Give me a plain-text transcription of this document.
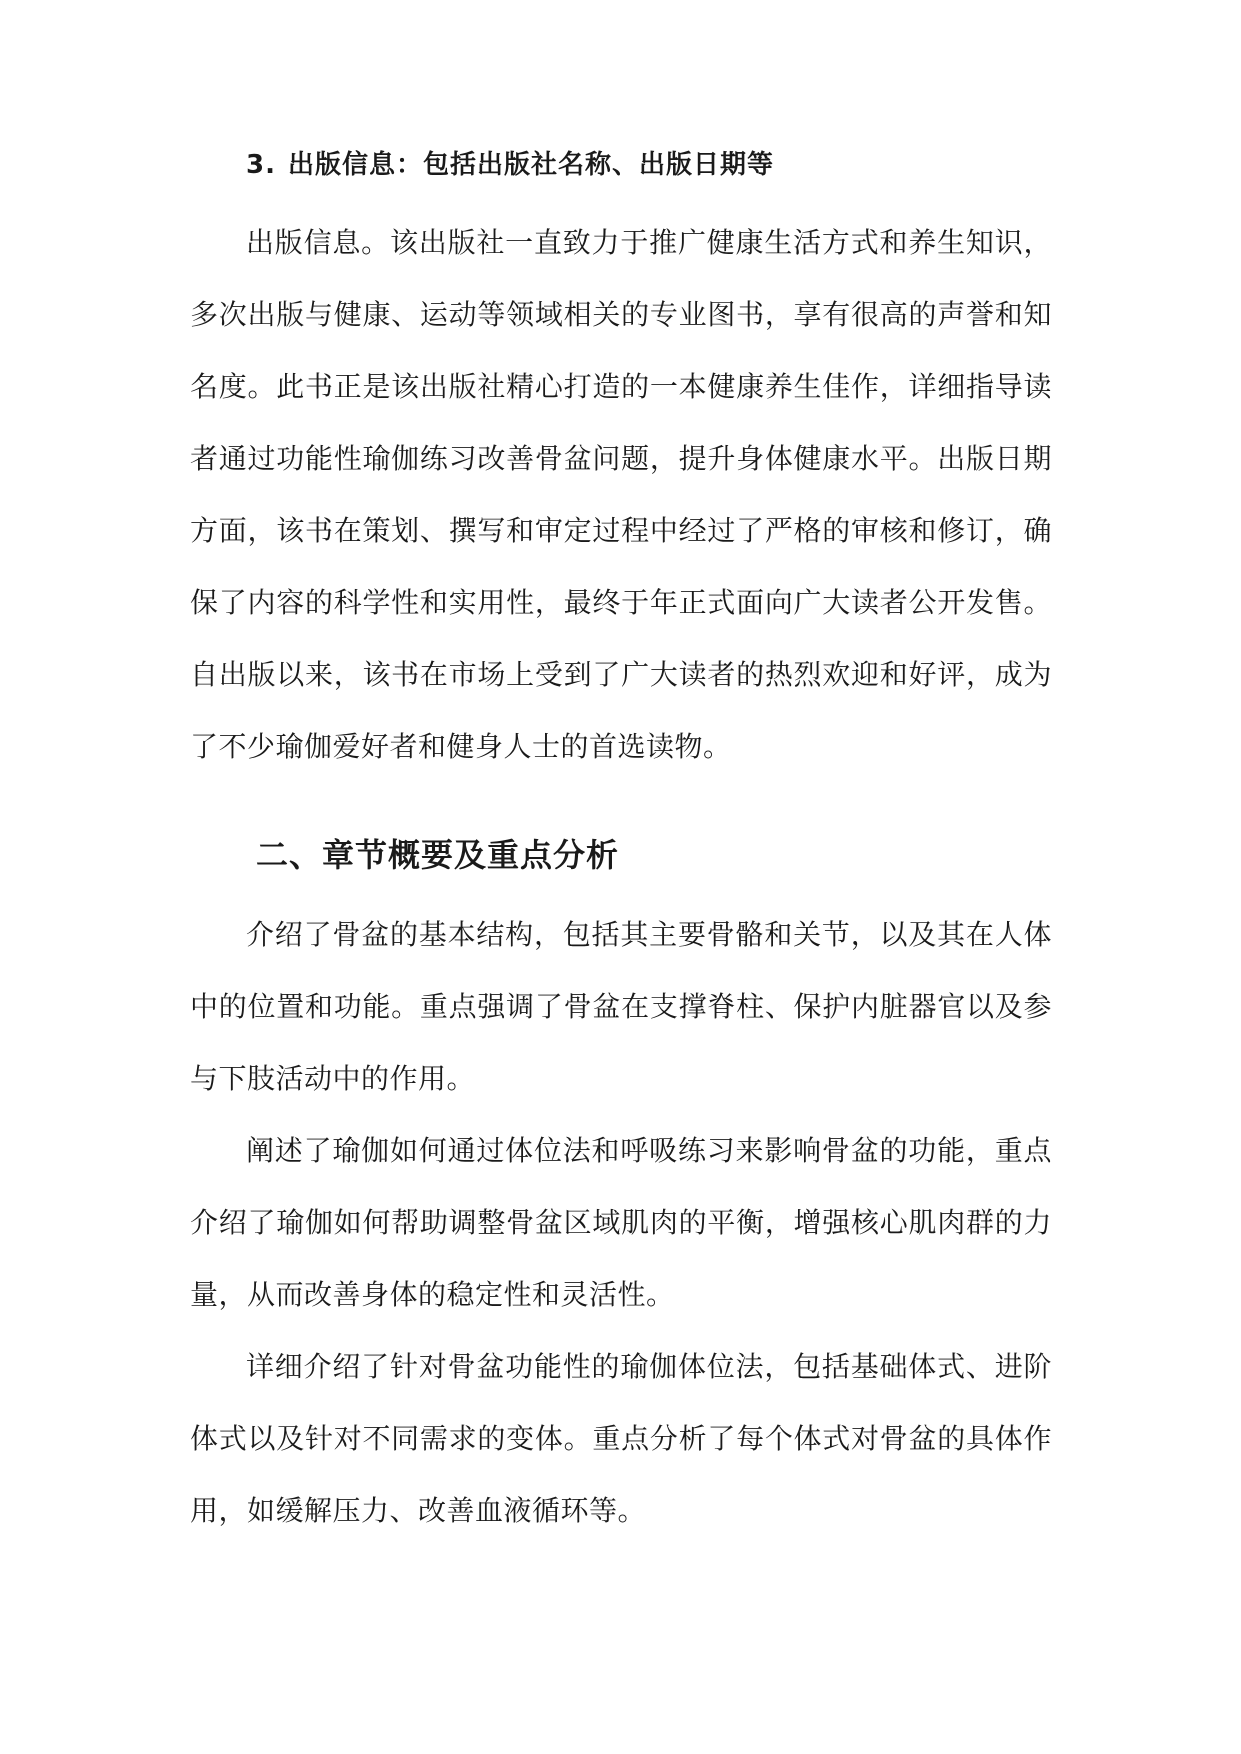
3. 出版信息：包括出版社名称、出版日期等

出版信息。该出版社一直致力于推广健康生活方式和养生知识，多次出版与健康、运动等领域相关的专业图书，享有很高的声誉和知名度。此书正是该出版社精心打造的一本健康养生佳作，详细指导读者通过功能性瑜伽练习改善骨盆问题，提升身体健康水平。出版日期方面，该书在策划、撰写和审定过程中经过了严格的审核和修订，确保了内容的科学性和实用性，最终于年正式面向广大读者公开发售。自出版以来，该书在市场上受到了广大读者的热烈欢迎和好评，成为了不少瑜伽爱好者和健身人士的首选读物。

二、章节概要及重点分析

介绍了骨盆的基本结构，包括其主要骨骼和关节，以及其在人体中的位置和功能。重点强调了骨盆在支撑脊柱、保护内脏器官以及参与下肢活动中的作用。

阐述了瑜伽如何通过体位法和呼吸练习来影响骨盆的功能，重点介绍了瑜伽如何帮助调整骨盆区域肌肉的平衡，增强核心肌肉群的力量，从而改善身体的稳定性和灵活性。

详细介绍了针对骨盆功能性的瑜伽体位法，包括基础体式、进阶体式以及针对不同需求的变体。重点分析了每个体式对骨盆的具体作用，如缓解压力、改善血液循环等。
